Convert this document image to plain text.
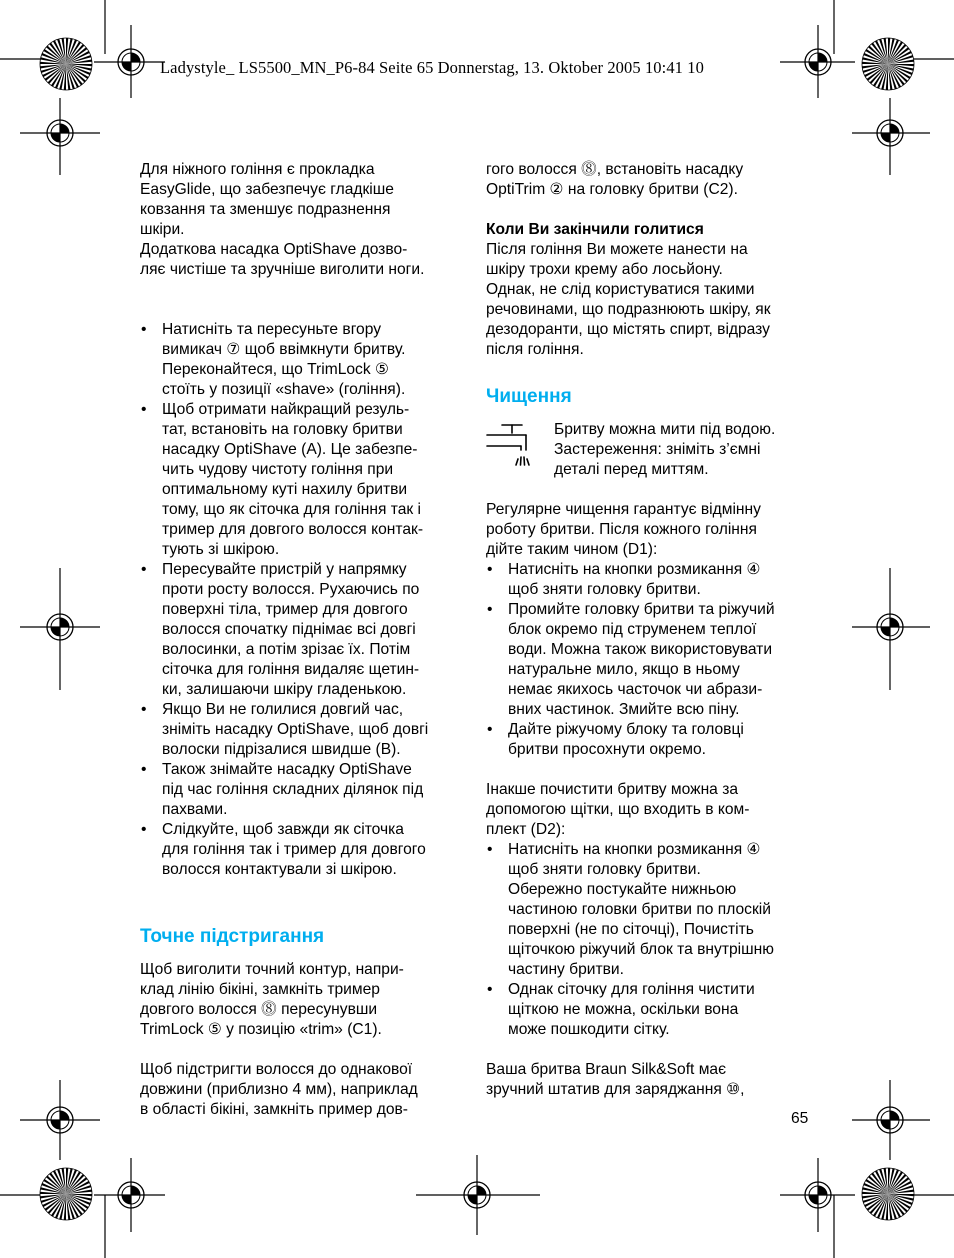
Ladystyle_ LS5500_MN_P6-84 Seite 65 Donnerstag, 13. Oktober 2005 10:41 10
Для ніжного гоління є прокладка
EasyGlide, що забезпечує гладкіше
ковзання та зменшує подразнення
шкіри.
Додаткова насадка OptiShave дозво-
ляє чистіше та зручніше виголити ноги.
• Натисніть та пересуньте вгору
вимикач ⑦ щоб ввімкнути бритву.
Переконайтеся, що TrimLock ⑤
стоїть у позиції «shave» (гоління).
• Щоб отримати найкращий резуль-
тат, встановіть на головку бритви
насадку OptiShave (A). Це забезпе-
чить чудову чистоту гоління при
оптимальному куті нахилу бритви
тому, що як сіточка для гоління так і
тример для довгого волосся контак-
тують зі шкірою.
• Пересувайте пристрій у напрямку
проти росту волосся. Рухаючись по
поверхні тіла, тример для довгого
волосся спочатку піднімає всі довгі
волосинки, а потім зрізає їх. Потім
сіточка для гоління видаляє щетин-
ки, залишаючи шкіру гладенькою.
• Якщо Ви не голилися довгий час,
зніміть насадку OptiShave, щоб довгі
волоски підрізалися швидше (B).
• Також знімайте насадку OptiShave
під час гоління складних ділянок під
пахвами.
• Слідкуйте, щоб завжди як сіточка
для гоління так і тример для довгого
волосся контактували зі шкірою.
Точне підстригання
Щоб виголити точний контур, напри-
клад лінію бікіні, замкніть тример
довгого волосся ⓼ пересунувши
TrimLock ⑤ у позицію «trim» (C1).
Щоб підстригти волосся до однакової
довжини (приблизно 4 мм), наприклад
в області бікіні, замкніть пример дов-
гого волосся ⓼, встановіть насадку
OptiTrim ② на головку бритви (C2).
Коли Ви закінчили голитися
Після гоління Ви можете нанести на
шкіру трохи крему або лосьйону.
Однак, не слід користуватися такими
речовинами, що подразнюють шкіру, як
дезодоранти, що містять спирт, відразу
після гоління.
Чищення
Бритву можна мити під водою.
Застереження: зніміть з’ємні
деталі перед миттям.
Регулярне чищення гарантує відмінну
роботу бритви. Після кожного гоління
дійте таким чином (D1):
• Натисніть на кнопки розмикання ④
щоб зняти головку бритви.
• Промийте головку бритви та ріжучий
блок окремо під струменем теплої
води. Можна також використовувати
натуральне мило, якщо в ньому
немає якихось часточок чи абрази-
вних частинок. Змийте всю піну.
• Дайте ріжучому блоку та головці
бритви просохнути окремо.
Інакше почистити бритву можна за
допомогою щітки, що входить в ком-
плект (D2):
• Натисніть на кнопки розмикання ④
щоб зняти головку бритви.
Обережно постукайте нижньою
частиною головки бритви по плоскій
поверхні (не по сіточці), Почистіть
щіточкою ріжучий блок та внутрішню
частину бритви.
• Однак сіточку для гоління чистити
щіткою не можна, оскільки вона
може пошкодити сітку.
Ваша бритва Braun Silk&Soft має
зручний штатив для заряджання ⑩,
65
